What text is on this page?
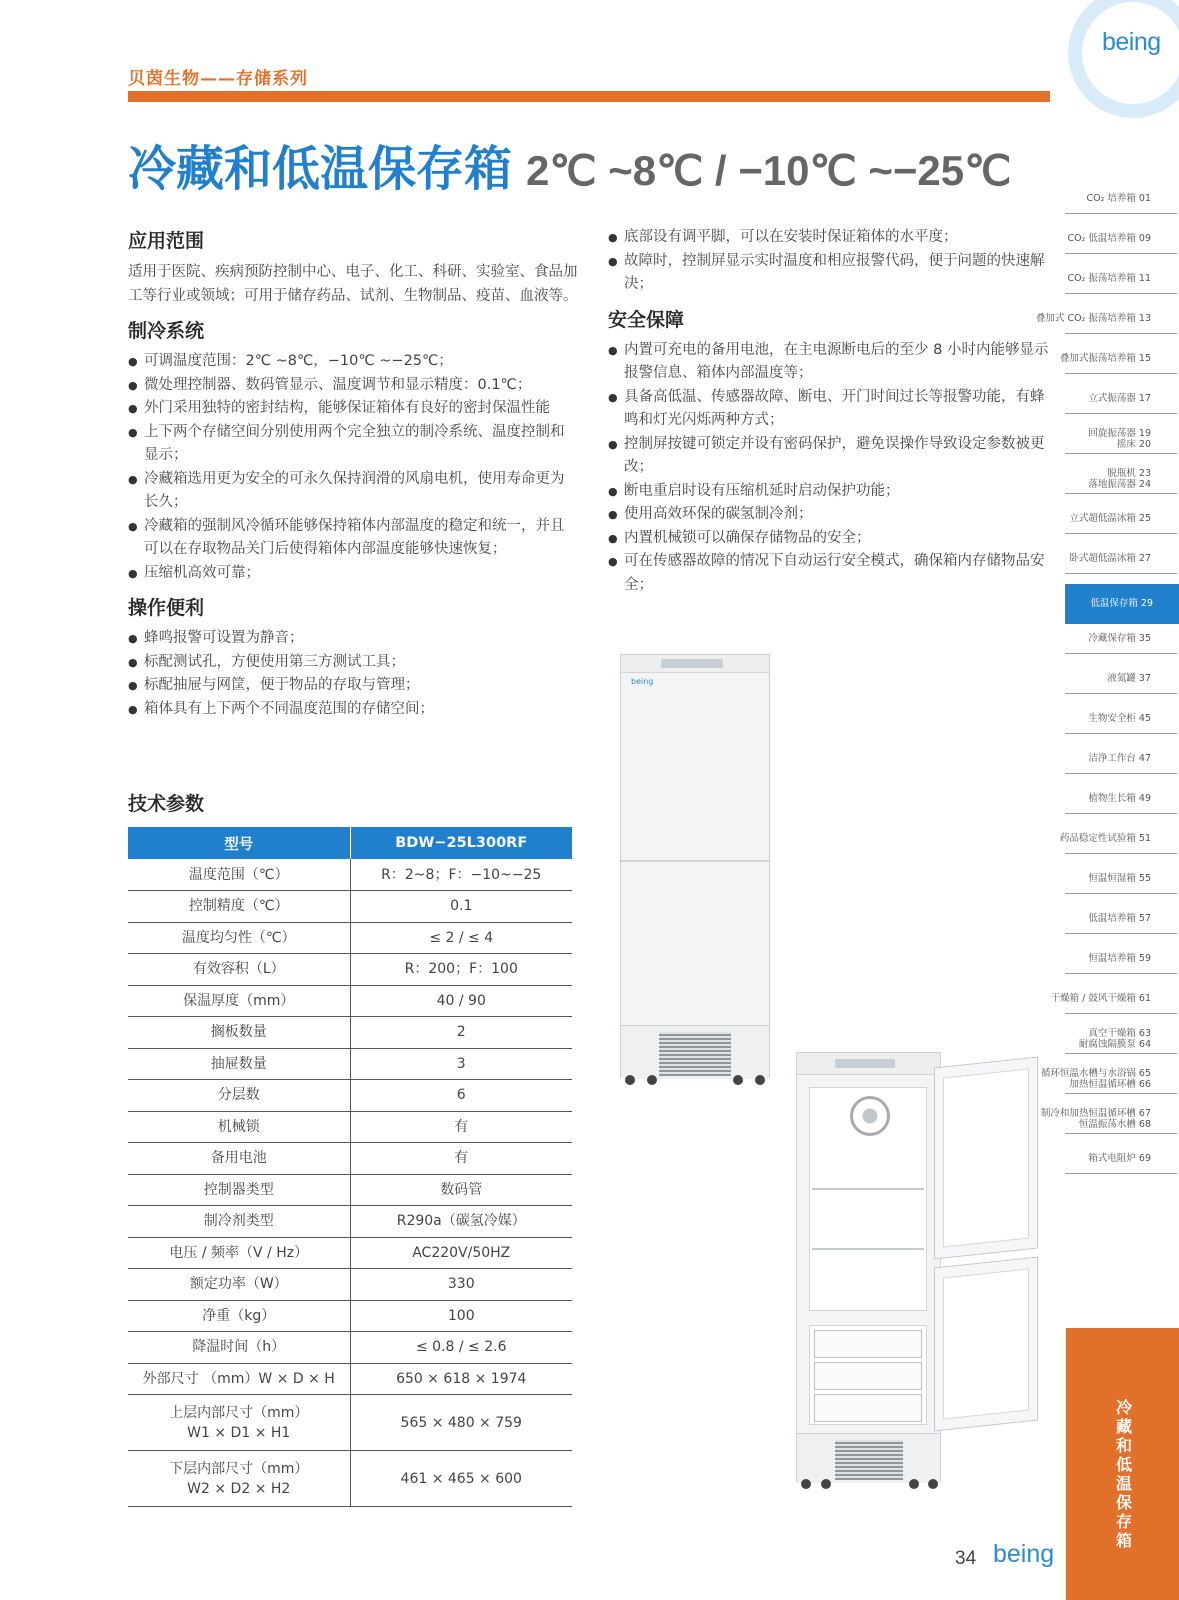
贝茵生物——存储系列
being
冷藏和低温保存箱 2℃ ~8℃ / −10℃ ~−25℃
应用范围

适用于医院、疾病预防控制中心、电子、化工、科研、实验室、食品加工等行业或领域；可用于储存药品、试剂、生物制品、疫苗、血液等。

制冷系统
● 可调温度范围：2℃ ~8℃，−10℃ ~−25℃；
● 微处理控制器、数码管显示、温度调节和显示精度：0.1℃；
● 外门采用独特的密封结构，能够保证箱体有良好的密封保温性能
● 上下两个存储空间分别使用两个完全独立的制冷系统、温度控制和显示；
● 冷藏箱选用更为安全的可永久保持润滑的风扇电机，使用寿命更为长久；
● 冷藏箱的强制风冷循环能够保持箱体内部温度的稳定和统一，并且可以在存取物品关门后使得箱体内部温度能够快速恢复；
● 压缩机高效可靠；
操作便利
● 蜂鸣报警可设置为静音；
● 标配测试孔，方便使用第三方测试工具；
● 标配抽屉与网筐，便于物品的存取与管理；
● 箱体具有上下两个不同温度范围的存储空间；
● 底部设有调平脚，可以在安装时保证箱体的水平度；
● 故障时，控制屏显示实时温度和相应报警代码，便于问题的快速解决；
安全保障
● 内置可充电的备用电池，在主电源断电后的至少 8 小时内能够显示报警信息、箱体内部温度等；
● 具备高低温、传感器故障、断电、开门时间过长等报警功能，有蜂鸣和灯光闪烁两种方式；
● 控制屏按键可锁定并设有密码保护，避免误操作导致设定参数被更改；
● 断电重启时设有压缩机延时启动保护功能；
● 使用高效环保的碳氢制冷剂；
● 内置机械锁可以确保存储物品的安全；
● 可在传感器故障的情况下自动运行安全模式，确保箱内存储物品安全；
技术参数
型号	BDW−25L300RF
温度范围（℃）	R：2~8；F：−10~−25
控制精度（℃）	0.1
温度均匀性（℃）	≤ 2 / ≤ 4
有效容积（L）	R：200；F：100
保温厚度（mm）	40 / 90
搁板数量	2
抽屉数量	3
分层数	6
机械锁	有
备用电池	有
控制器类型	数码管
制冷剂类型	R290a（碳氢冷媒）
电压 / 频率（V / Hz）	AC220V/50HZ
额定功率（W）	330
净重（kg）	100
降温时间（h）	≤ 0.8 / ≤ 2.6
外部尺寸 （mm）W × D × H	650 × 618 × 1974
上层内部尺寸（mm）
W1 × D1 × H1	565 × 480 × 759
下层内部尺寸（mm）
W2 × D2 × H2	461 × 465 × 600
being
CO₂ 培养箱 01
CO₂ 低温培养箱 09
CO₂ 振荡培养箱 11
叠加式 CO₂ 振荡培养箱 13
叠加式振荡培养箱 15
立式振荡器 17
回旋振荡器 19
摇床 20
脱瓶机 23
落地振荡器 24
立式超低温冰箱 25
卧式超低温冰箱 27
低温保存箱 29
冷藏保存箱 35
液氮罐 37
生物安全柜 45
洁净工作台 47
植物生长箱 49
药品稳定性试验箱 51
恒温恒湿箱 55
低温培养箱 57
恒温培养箱 59
干燥箱 / 鼓风干燥箱 61
真空干燥箱 63
耐腐蚀隔膜泵 64
循环恒温水槽与水浴锅 65
加热恒温循环槽 66
制冷和加热恒温循环槽 67
恒温振荡水槽 68
箱式电阻炉 69
冷藏和低温保存箱
34 being
